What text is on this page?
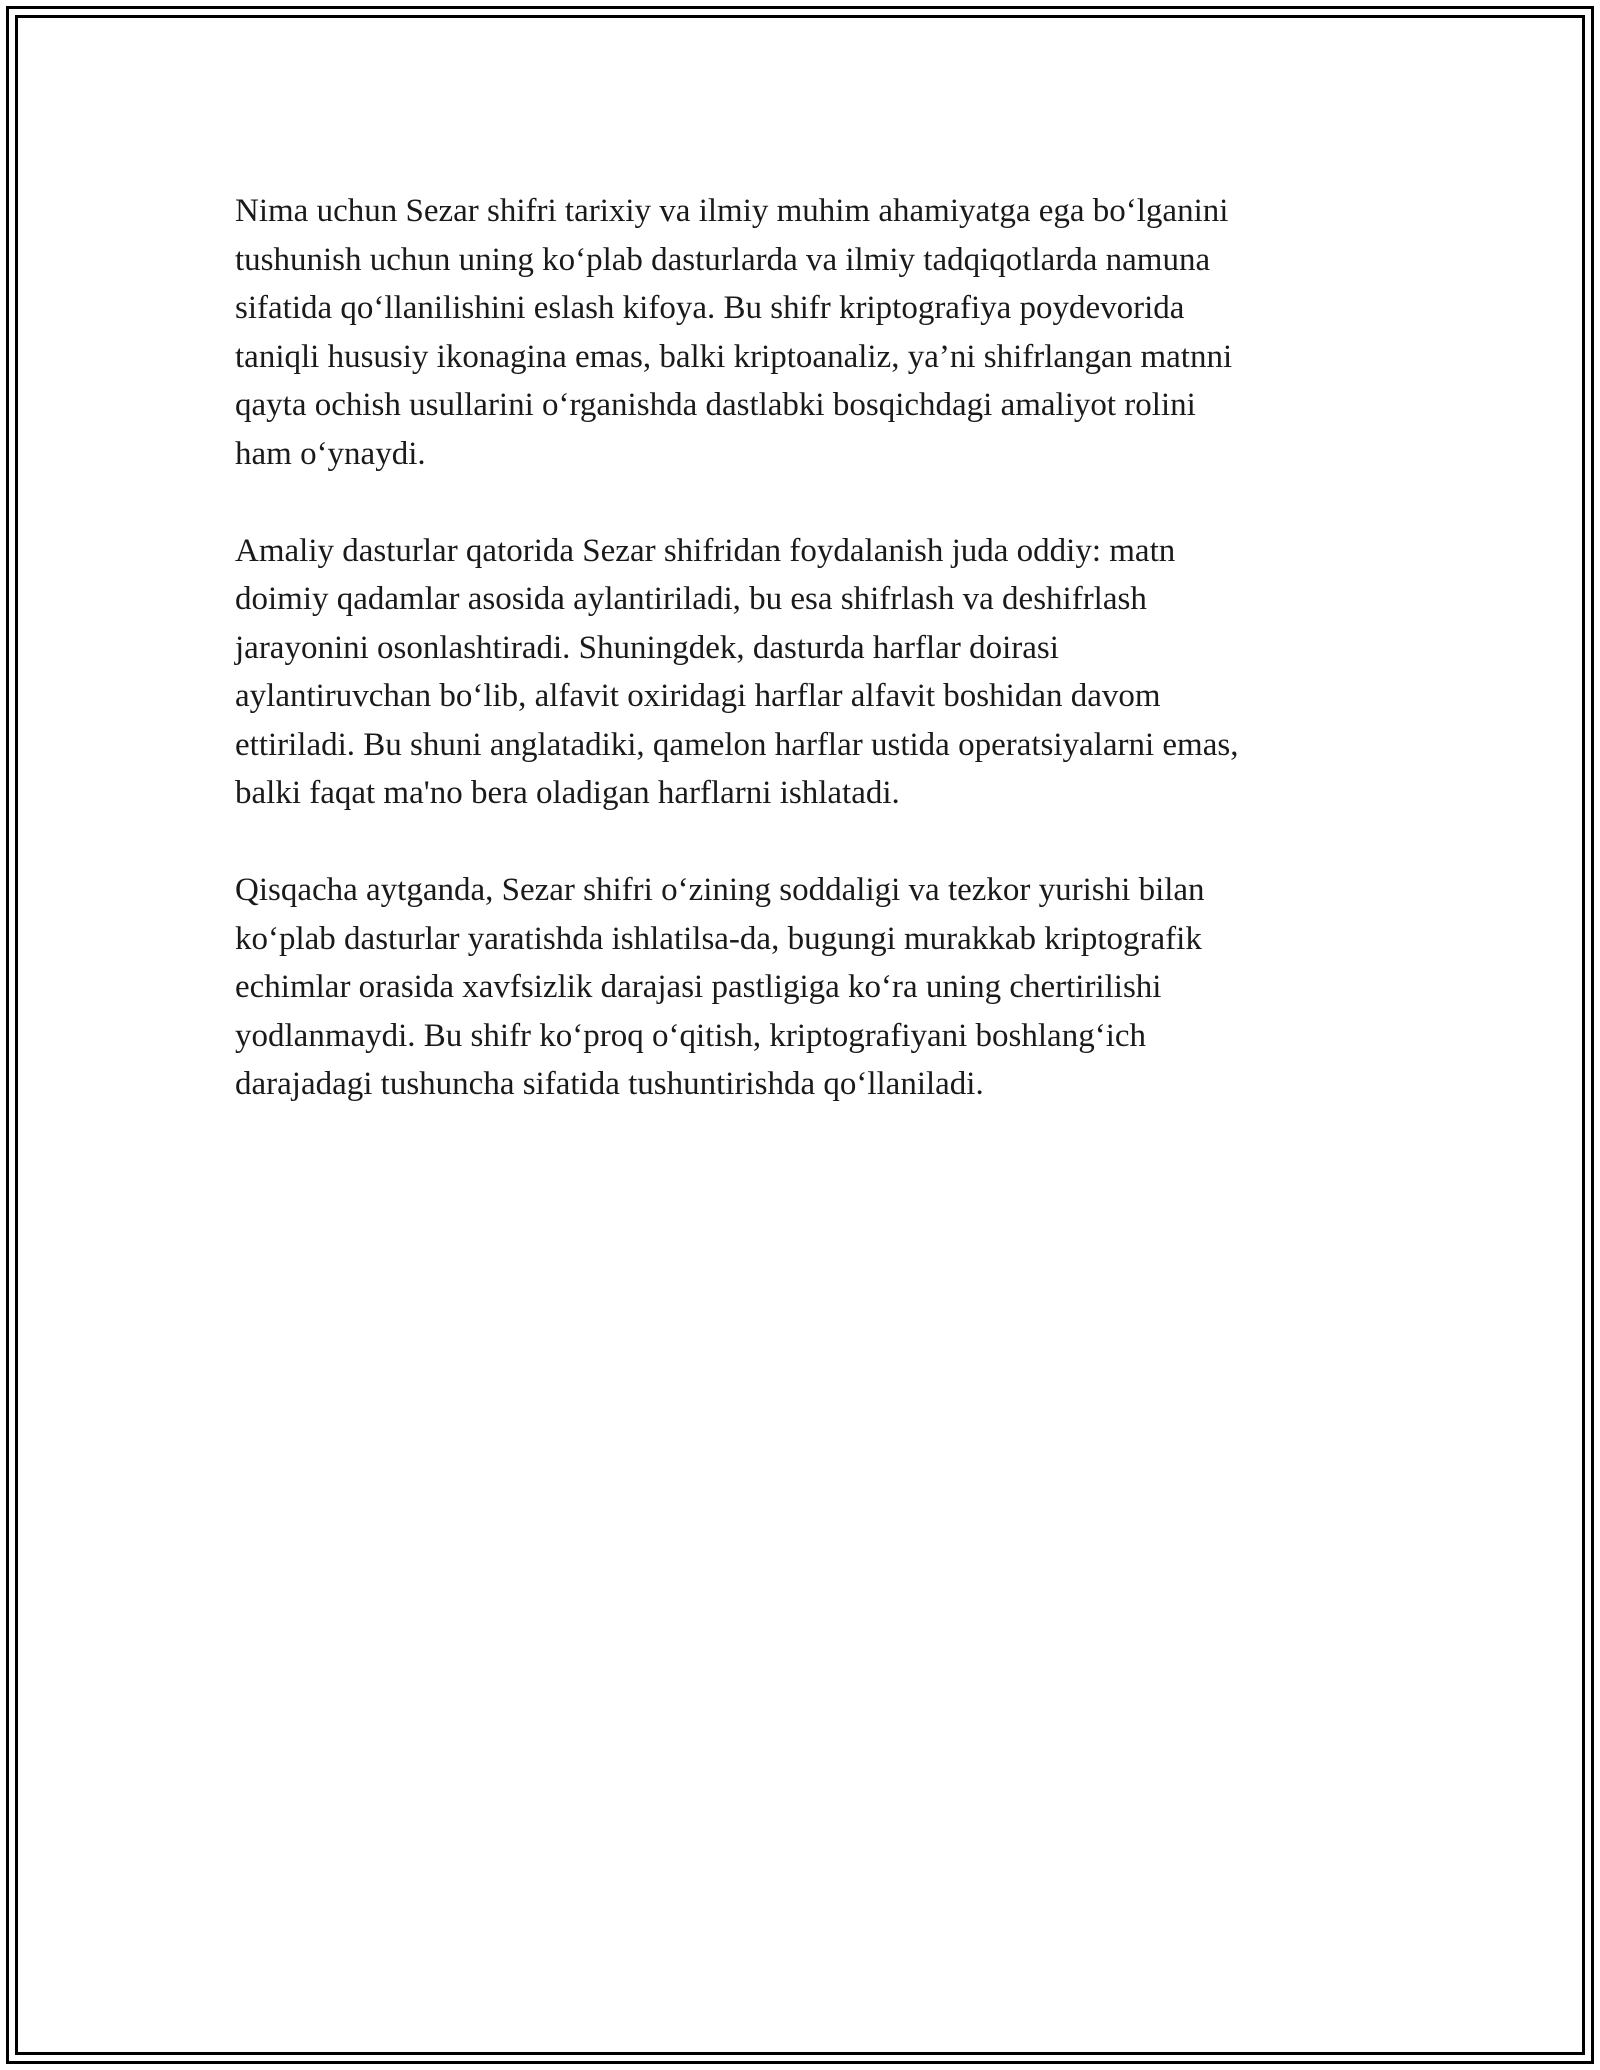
Nima uchun Sezar shifri tarixiy va ilmiy muhim ahamiyatga ega bo‘lganini
tushunish uchun uning ko‘plab dasturlarda va ilmiy tadqiqotlarda namuna
sifatida qo‘llanilishini eslash kifoya. Bu shifr kriptografiya poydevorida
taniqli hususiy ikonagina emas, balki kriptoanaliz, ya’ni shifrlangan matnni
qayta ochish usullarini o‘rganishda dastlabki bosqichdagi amaliyot rolini
ham o‘ynaydi.

Amaliy dasturlar qatorida Sezar shifridan foydalanish juda oddiy: matn
doimiy qadamlar asosida aylantiriladi, bu esa shifrlash va deshifrlash
jarayonini osonlashtiradi. Shuningdek, dasturda harflar doirasi
aylantiruvchan bo‘lib, alfavit oxiridagi harflar alfavit boshidan davom
ettiriladi. Bu shuni anglatadiki, qamelon harflar ustida operatsiyalarni emas,
balki faqat ma'no bera oladigan harflarni ishlatadi.

Qisqacha aytganda, Sezar shifri o‘zining soddaligi va tezkor yurishi bilan
ko‘plab dasturlar yaratishda ishlatilsa-da, bugungi murakkab kriptografik
echimlar orasida xavfsizlik darajasi pastligiga ko‘ra uning chertirilishi
yodlanmaydi. Bu shifr ko‘proq o‘qitish, kriptografiyani boshlang‘ich
darajadagi tushuncha sifatida tushuntirishda qo‘llaniladi.
